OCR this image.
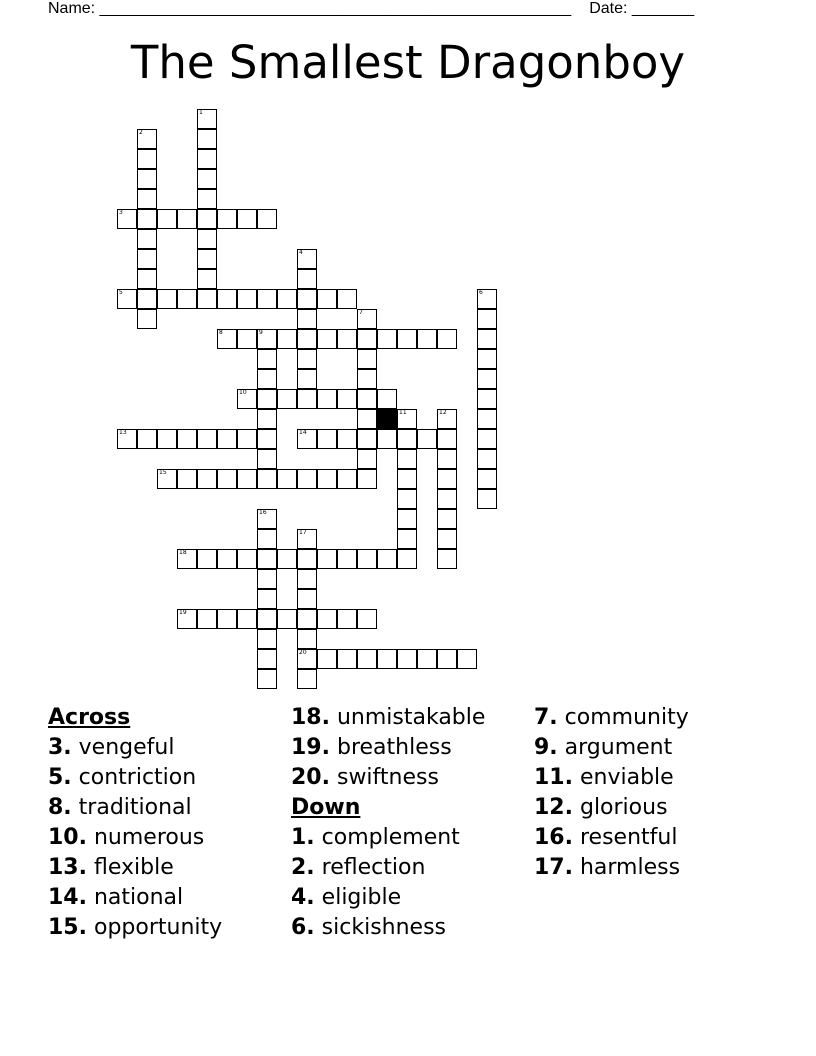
Name: _____________________________________________________ Date: _______
The Smallest Dragonboy
3
5
8	9
10
13	14
15
18
19
20
1
2
4
6
7
11	12
16
17
Across
3. vengeful
5. contriction
8. traditional
10. numerous
13. flexible
14. national
15. opportunity
18. unmistakable
19. breathless
20. swiftness
Down
1. complement
2. reflection
4. eligible
6. sickishness
7. community
9. argument
11. enviable
12. glorious
16. resentful
17. harmless
